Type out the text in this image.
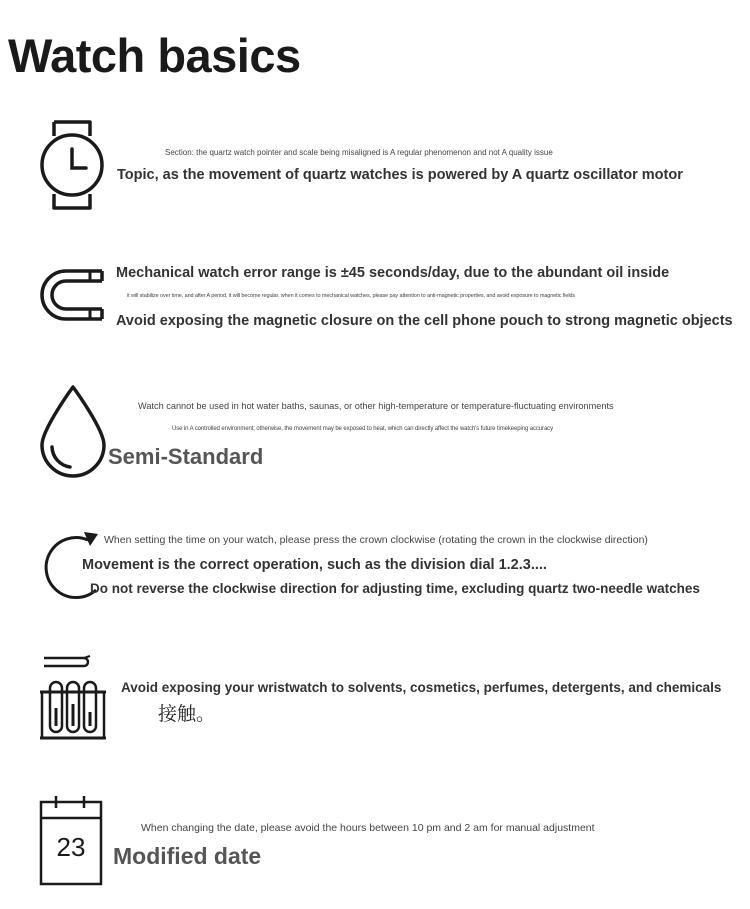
Watch basics
Section: the quartz watch pointer and scale being misaligned is A regular phenomenon and not A quality issue
Topic, as the movement of quartz watches is powered by A quartz oscillator motor
Mechanical watch error range is ±45 seconds/day, due to the abundant oil inside
it will stabilize over time, and after A period, it will become regular. when it comes to mechanical watches, please pay attention to anti-magnetic properties, and avoid exposure to magnetic fields
Avoid exposing the magnetic closure on the cell phone pouch to strong magnetic objects
Watch cannot be used in hot water baths, saunas, or other high-temperature or temperature-fluctuating environments
Use in A controlled environment; otherwise, the movement may be exposed to heat, which can directly affect the watch's future timekeeping accuracy
Semi-Standard
When setting the time on your watch, please press the crown clockwise (rotating the crown in the clockwise direction)
Movement is the correct operation, such as the division dial 1.2.3....
Do not reverse the clockwise direction for adjusting time, excluding quartz two-needle watches
Avoid exposing your wristwatch to solvents, cosmetics, perfumes, detergents, and chemicals
接触。
23
When changing the date, please avoid the hours between 10 pm and 2 am for manual adjustment
Modified date
